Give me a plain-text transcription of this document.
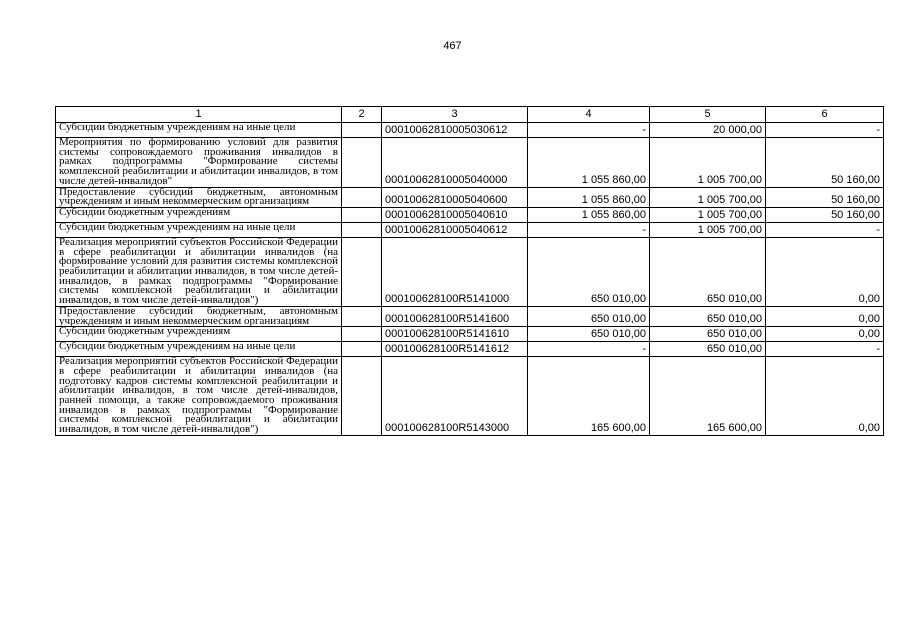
467
1	2	3	4	5	6
Субсидии бюджетным учреждениям на иные цели		00010062810005030612	-	20 000,00	-
Мероприятия по формированию условий для развития системы сопровождаемого проживания инвалидов в рамках подпрограммы "Формирование системы комплексной реабилитации и абилитации инвалидов, в том числе детей-инвалидов"		00010062810005040000	1 055 860,00	1 005 700,00	50 160,00
Предоставление субсидий бюджетным, автономным учреждениям и иным некоммерческим организациям		00010062810005040600	1 055 860,00	1 005 700,00	50 160,00
Субсидии бюджетным учреждениям		00010062810005040610	1 055 860,00	1 005 700,00	50 160,00
Субсидии бюджетным учреждениям на иные цели		00010062810005040612	-	1 005 700,00	-
Реализация мероприятий субъектов Российской Федерации в сфере реабилитации и абилитации инвалидов (на формирование условий для развития системы комплексной реабилитации и абилитации инвалидов, в том числе детей-инвалидов, в рамках подпрограммы "Формирование системы комплексной реабилитации и абилитации инвалидов, в том числе детей-инвалидов")		000100628100R5141000	650 010,00	650 010,00	0,00
Предоставление субсидий бюджетным, автономным учреждениям и иным некоммерческим организациям		000100628100R5141600	650 010,00	650 010,00	0,00
Субсидии бюджетным учреждениям		000100628100R5141610	650 010,00	650 010,00	0,00
Субсидии бюджетным учреждениям на иные цели		000100628100R5141612	-	650 010,00	-
Реализация мероприятий субъектов Российской Федерации в сфере реабилитации и абилитации инвалидов (на подготовку кадров системы комплексной реабилитации и абилитации инвалидов, в том числе детей-инвалидов, ранней помощи, а также сопровождаемого проживания инвалидов в рамках подпрограммы "Формирование системы комплексной реабилитации и абилитации инвалидов, в том числе детей-инвалидов")		000100628100R5143000	165 600,00	165 600,00	0,00
